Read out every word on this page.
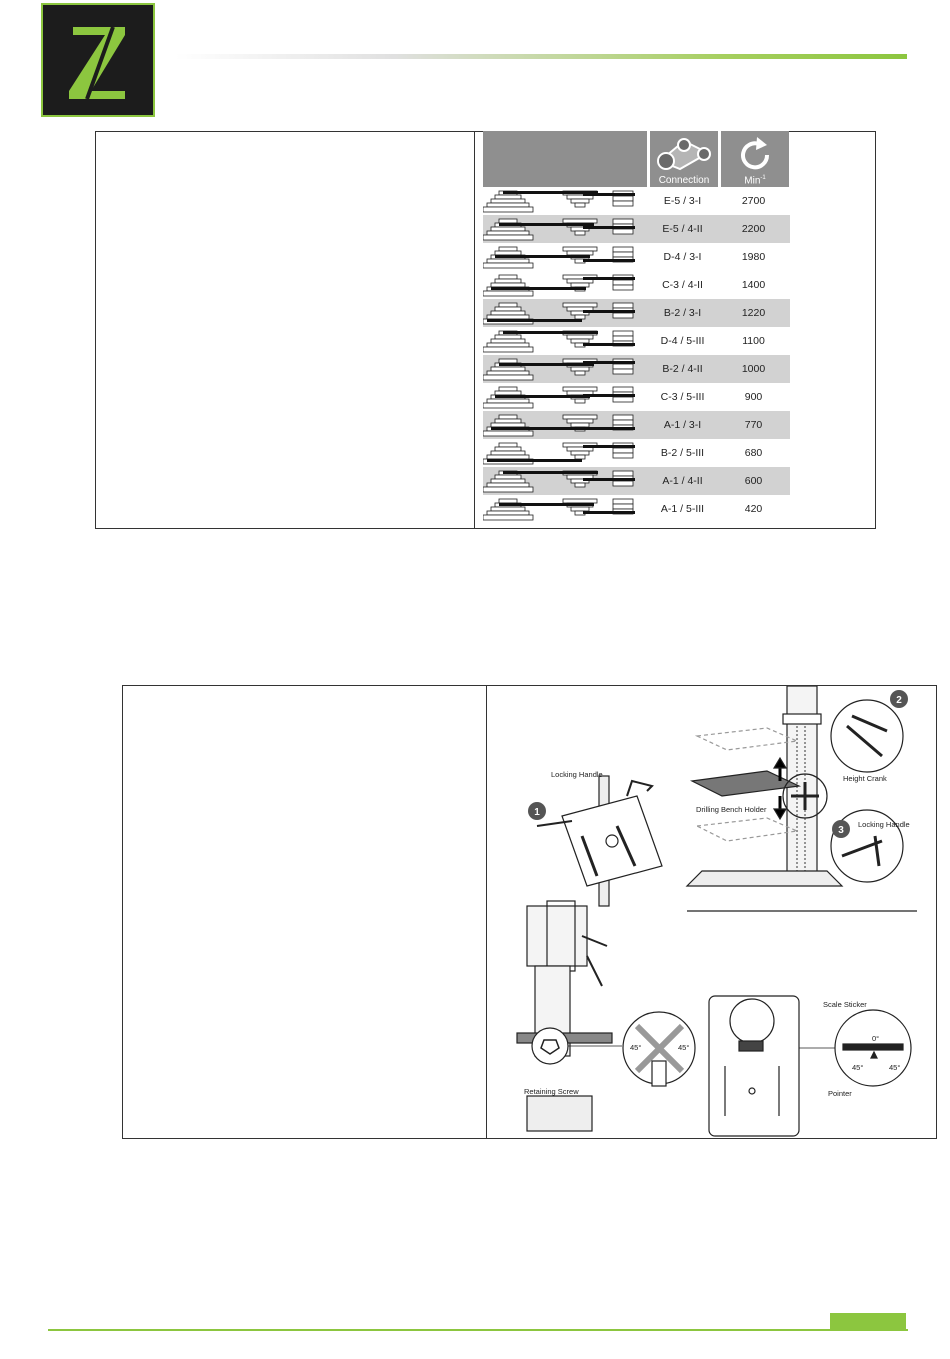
Connection	Min$^{-1}$
E-5 / 3-I	2700
E-5 / 4-II	2200
D-4 / 3-I	1980
C-3 / 4-II	1400
B-2 / 3-I	1220
D-4 / 5-III	1100
B-2 / 4-II	1000
C-3 / 5-III	900
A-1 / 3-I	770
B-2 / 5-III	680
A-1 / 4-II	600
A-1 / 5-III	420
1
2
3
Locking Handle
Locking Handle
Height Crank
Drilling Bench Holder
Retaining Screw
Scale Sticker
Pointer
0°
45°	45°
45°	45°
